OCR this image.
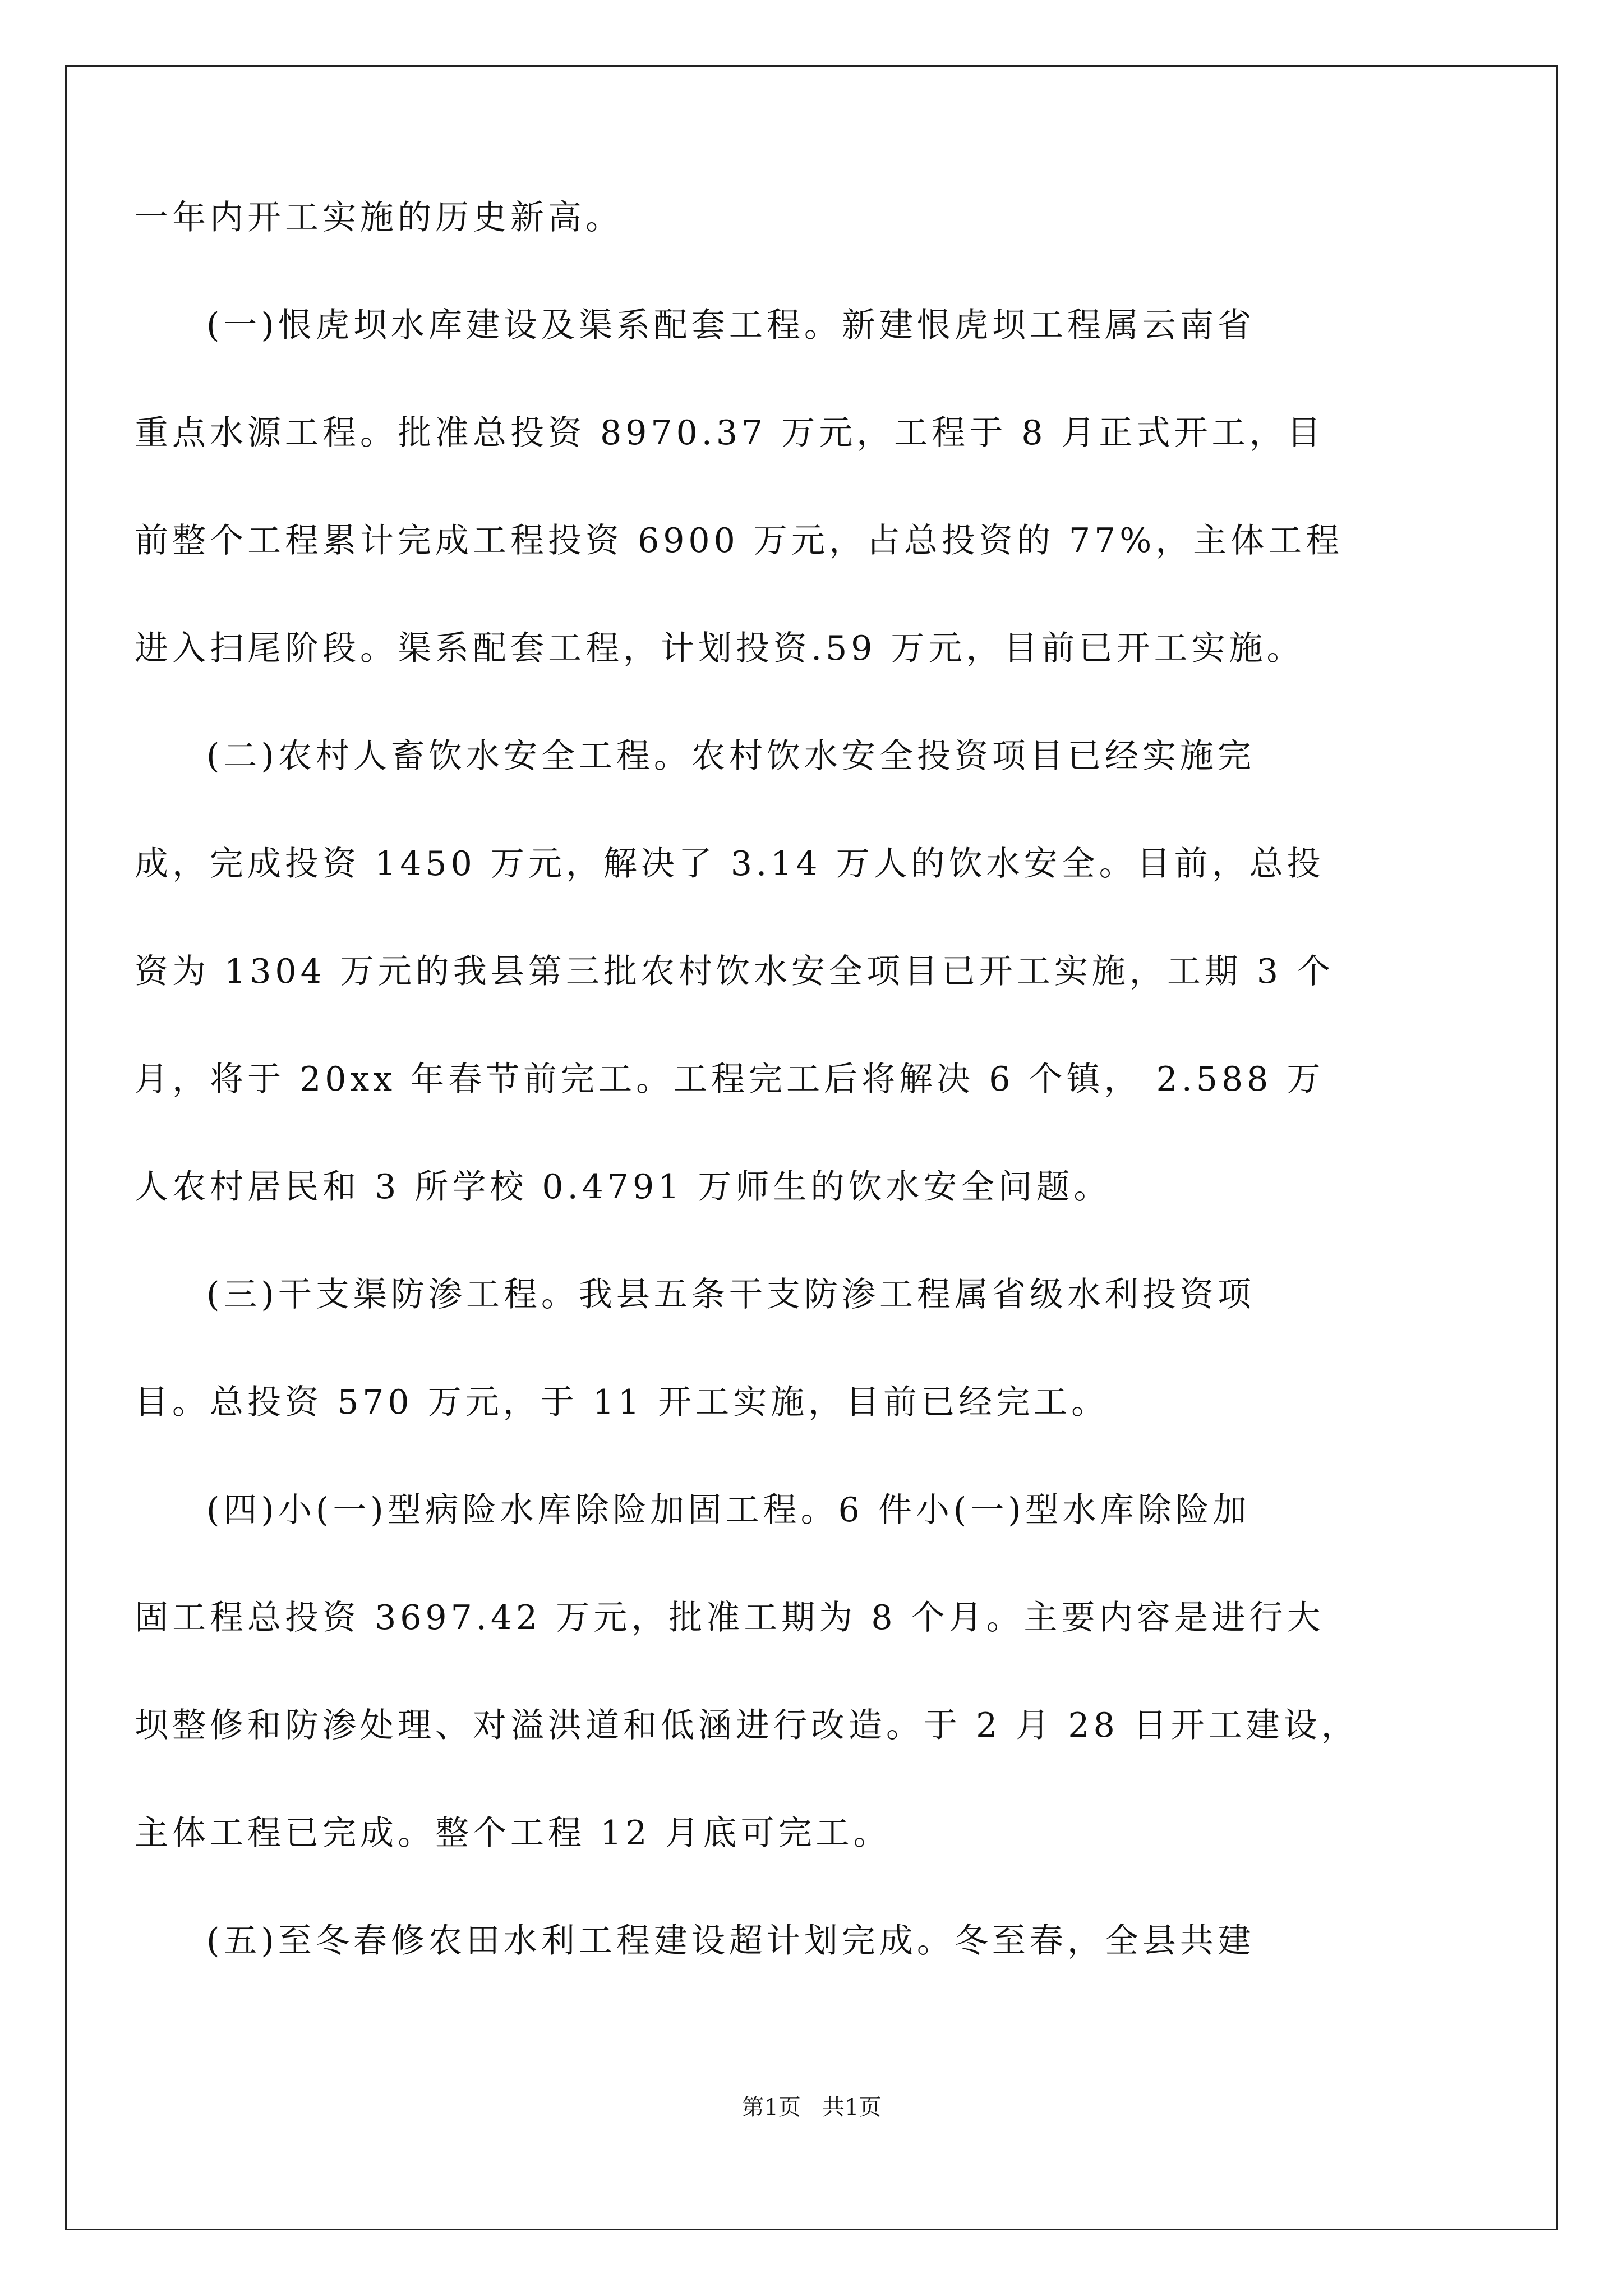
一年内开工实施的历史新高。
(一)恨虎坝水库建设及渠系配套工程。新建恨虎坝工程属云南省
重点水源工程。批准总投资 8970.37 万元，工程于 8 月正式开工，目
前整个工程累计完成工程投资 6900 万元，占总投资的 77%，主体工程
进入扫尾阶段。渠系配套工程，计划投资.59 万元，目前已开工实施。
(二)农村人畜饮水安全工程。农村饮水安全投资项目已经实施完
成，完成投资 1450 万元，解决了 3.14 万人的饮水安全。目前，总投
资为 1304 万元的我县第三批农村饮水安全项目已开工实施，工期 3 个
月，将于 20xx 年春节前完工。工程完工后将解决 6 个镇， 2.588 万
人农村居民和 3 所学校 0.4791 万师生的饮水安全问题。
(三)干支渠防渗工程。我县五条干支防渗工程属省级水利投资项
目。总投资 570 万元，于 11 开工实施，目前已经完工。
(四)小(一)型病险水库除险加固工程。6 件小(一)型水库除险加
固工程总投资 3697.42 万元，批准工期为 8 个月。主要内容是进行大
坝整修和防渗处理、对溢洪道和低涵进行改造。于 2 月 28 日开工建设，
主体工程已完成。整个工程 12 月底可完工。
(五)至冬春修农田水利工程建设超计划完成。冬至春，全县共建
第1页   共1页
